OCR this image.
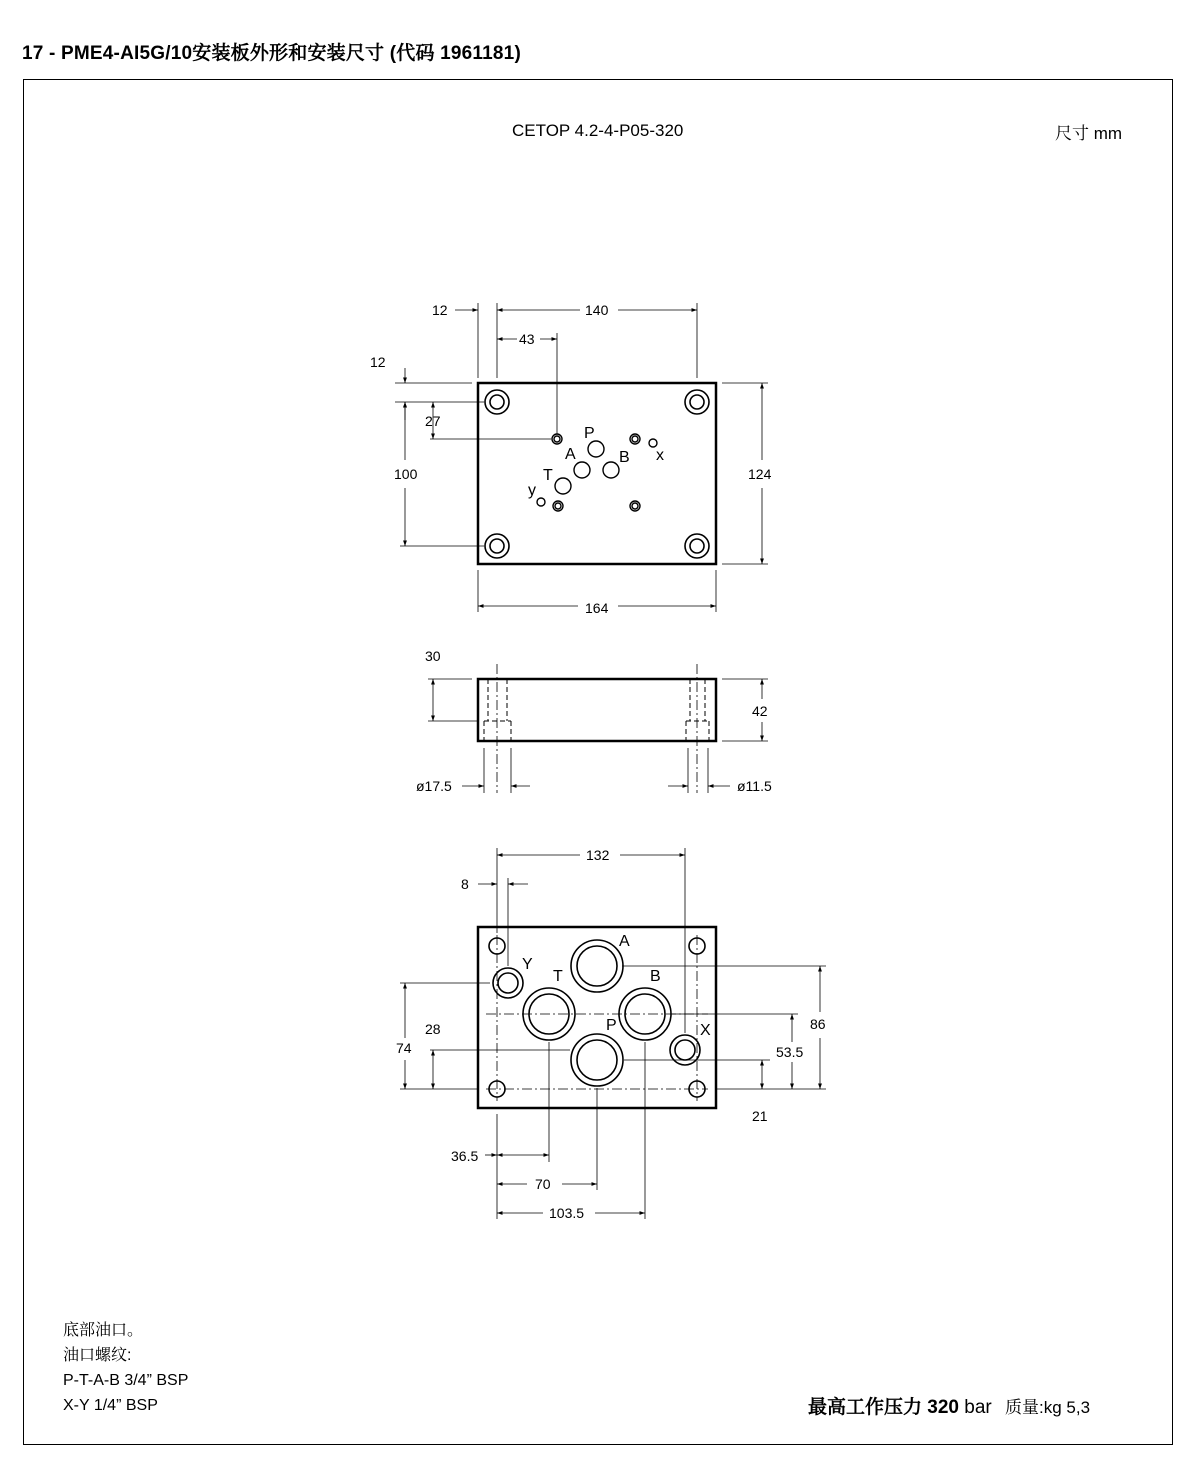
17 - PME4-AI5G/10安装板外形和安装尺寸 (代码 1961181)
CETOP 4.2-4-P05-320	尺寸 mm
12	140
43
12
27
100	124
164
P
A	B
T
x
y
30
42
ø17.5	ø11.5
132
8
86
28
74	53.5
21
36.5
70
103.5
A
Y
T	B
P	X
底部油口。
油口螺纹:
P-T-A-B 3/4” BSP
X-Y 1/4” BSP	最高工作压力 320 bar 质量:kg 5,3
